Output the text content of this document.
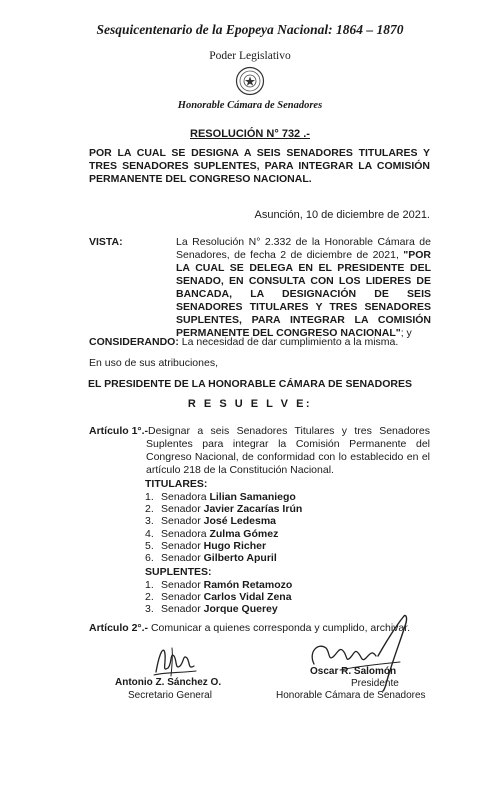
Sesquicentenario de la Epopeya Nacional: 1864 – 1870
Poder Legislativo
Honorable Cámara de Senadores
RESOLUCIÓN N° 732 .-
POR LA CUAL SE DESIGNA A SEIS SENADORES TITULARES Y TRES SENADORES SUPLENTES, PARA INTEGRAR LA COMISIÓN PERMANENTE DEL CONGRESO NACIONAL.
Asunción, 10 de diciembre de 2021.
VISTA:	La Resolución N° 2.332 de la Honorable Cámara de Senadores, de fecha 2 de diciembre de 2021, "POR LA CUAL SE DELEGA EN EL PRESIDENTE DEL SENADO, EN CONSULTA CON LOS LIDERES DE BANCADA, LA DESIGNACIÓN DE SEIS SENADORES TITULARES Y TRES SENADORES SUPLENTES, PARA INTEGRAR LA COMISIÓN PERMANENTE DEL CONGRESO NACIONAL"; y
CONSIDERANDO: La necesidad de dar cumplimiento a la misma.
En uso de sus atribuciones,
EL PRESIDENTE DE LA HONORABLE CÁMARA DE SENADORES
R E S U E L V E:
Artículo 1°.- Designar a seis Senadores Titulares y tres Senadores Suplentes para integrar la Comisión Permanente del Congreso Nacional, de conformidad con lo establecido en el artículo 218 de la Constitución Nacional.
TITULARES:
1. Senadora Lilian Samaniego
2. Senador Javier Zacarías Irún
3. Senador José Ledesma
4. Senadora Zulma Gómez
5. Senador Hugo Richer
6. Senador Gilberto Apuril
SUPLENTES:
1. Senador Ramón Retamozo
2. Senador Carlos Vidal Zena
3. Senador Jorque Querey
Artículo 2°.- Comunicar a quienes corresponda y cumplido, archivar.
Antonio Z. Sánchez O.
Secretario General
Oscar R. Salomón
Presidente
Honorable Cámara de Senadores
